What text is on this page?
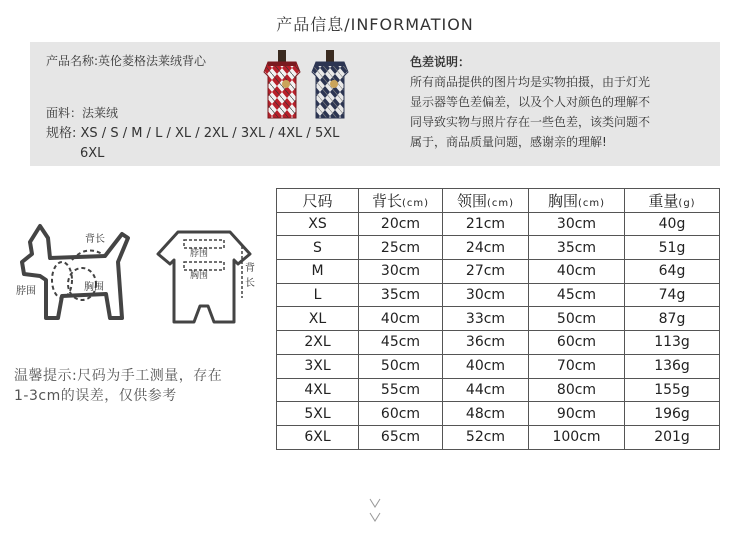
产品信息/INFORMATION
产品名称:英伦菱格法莱绒背心
面料：法莱绒
规格: XS / S / M / L / XL / 2XL / 3XL / 4XL / 5XL
6XL
色差说明：
所有商品提供的图片均是实物拍摄，由于灯光
显示器等色差偏差，以及个人对颜色的理解不
同导致实物与照片存在一些色差，该类问题不
属于，商品质量问题，感谢亲的理解!
背长
脖围	胸围
脖围
胸围
背
长
温馨提示:尺码为手工测量，存在
1-3cm的误差，仅供参考
尺码	背长(cm)	领围(cm)	胸围(cm)	重量(g)
XS	20cm	21cm	30cm	40g
S	25cm	24cm	35cm	51g
M	30cm	27cm	40cm	64g
L	35cm	30cm	45cm	74g
XL	40cm	33cm	50cm	87g
2XL	45cm	36cm	60cm	113g
3XL	50cm	40cm	70cm	136g
4XL	55cm	44cm	80cm	155g
5XL	60cm	48cm	90cm	196g
6XL	65cm	52cm	100cm	201g
